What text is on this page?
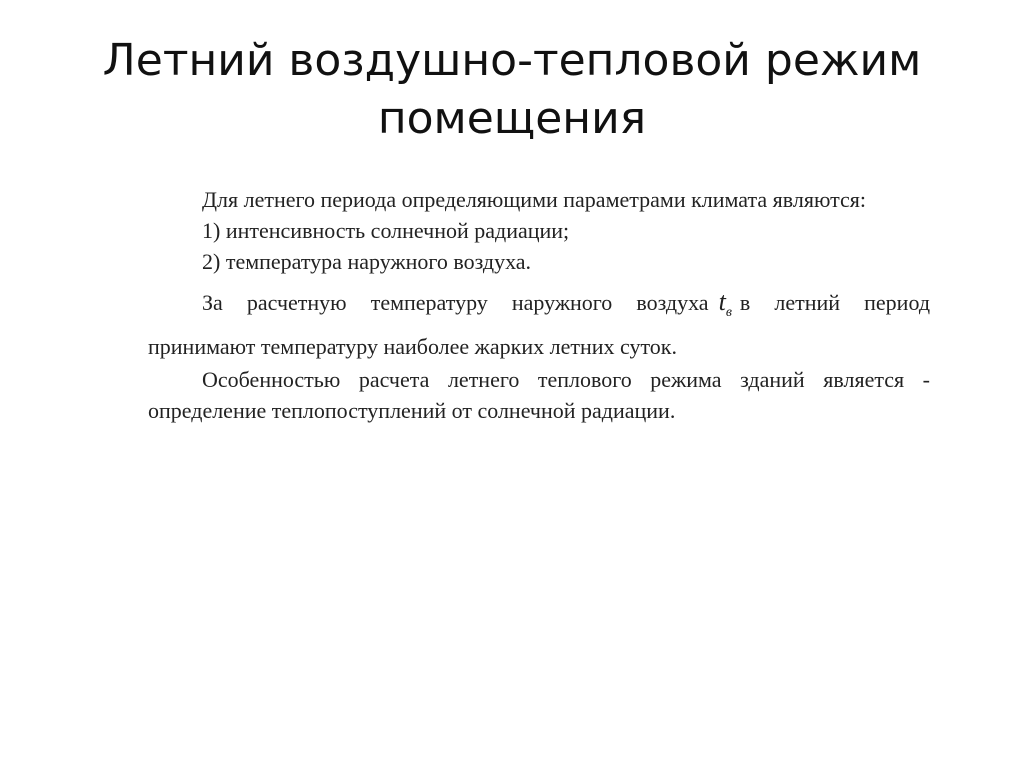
Летний воздушно-тепловой режим помещения

Для летнего периода определяющими параметрами климата являются:

1) интенсивность солнечной радиации;

2) температура наружного воздуха.

За расчетную температуру наружного воздуха $t_в$ в летний период принимают температуру наиболее жарких летних суток.

Особенностью расчета летнего теплового режима зданий является - определение теплопоступлений от солнечной радиации.
